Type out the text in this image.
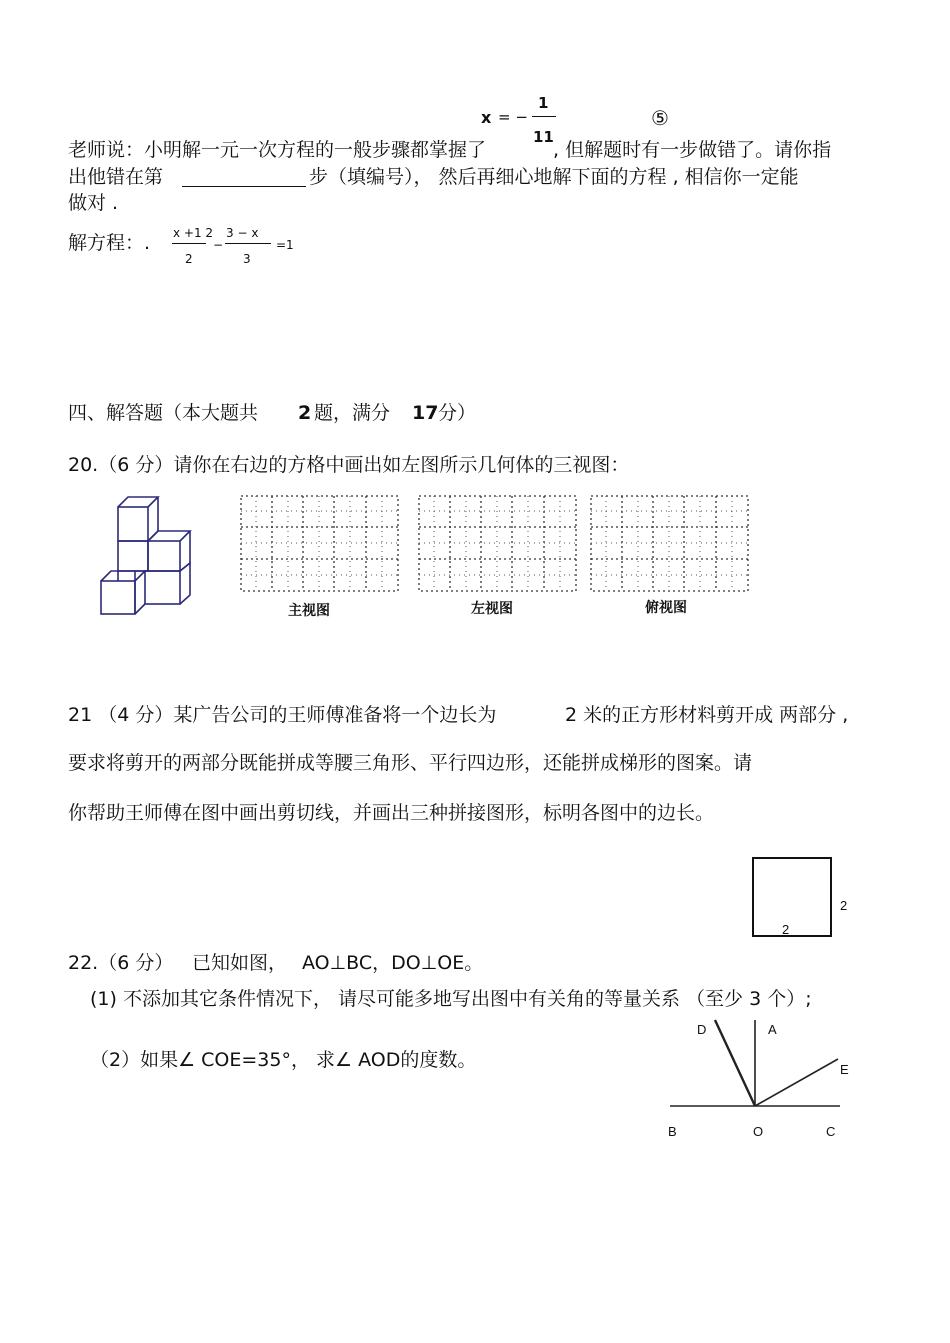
x = −
1
11
⑤
老师说：小明解一元一次方程的一般步骤都掌握了	, 但解题时有一步做错了。请你指
出他错在第	步（填编号）， 然后再细心地解下面的方程 , 相信你一定能
做对 .
解方程：. x +1 2
2
−
3 − x
3
=1
四、解答题（本大题共 2 题，满分 17 分）
20.（6 分）请你在右边的方格中画出如左图所示几何体的三视图：
主视图	左视图	俯视图
21 （4 分）某广告公司的王师傅准备将一个边长为	2 米的正方形材料剪开成 两部分 ,
要求将剪开的两部分既能拼成等腰三角形、平行四边形，还能拼成梯形的图案。请
你帮助王师傅在图中画出剪切线，并画出三种拼接图形，标明各图中的边长。
2
2
22.（6 分） 已知如图， AO⊥BC，DO⊥OE。
(1) 不添加其它条件情况下， 请尽可能多地写出图中有关角的等量关系 （至少 3 个）;
（2）如果∠ COE=35°， 求∠ AOD的度数。
D	A
E
B	O	C
